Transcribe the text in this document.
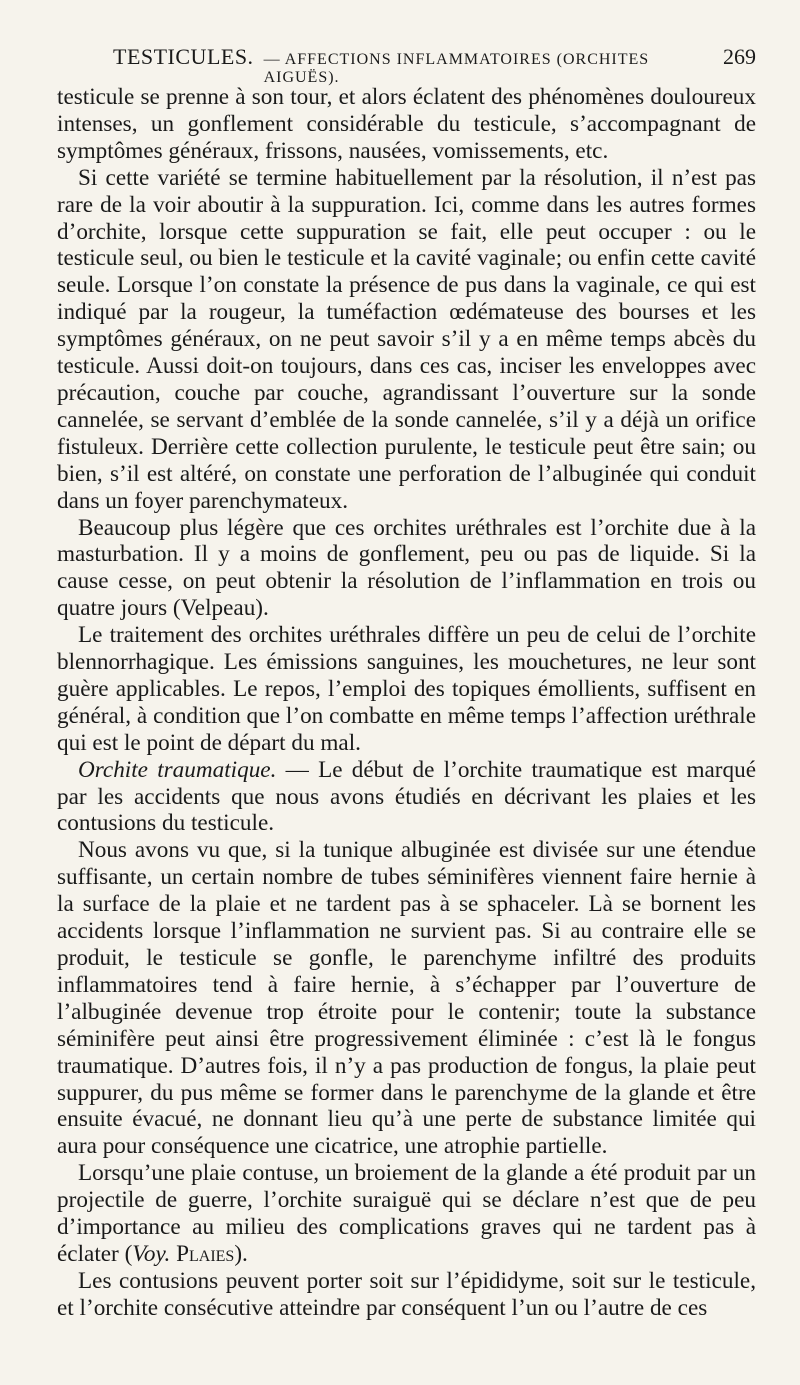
TESTICULES. — AFFECTIONS INFLAMMATOIRES (ORCHITES AIGUËS).
269

testicule se prenne à son tour, et alors éclatent des phénomènes douloureux intenses, un gonflement considérable du testicule, s’accompagnant de symptômes généraux, frissons, nausées, vomissements, etc.

Si cette variété se termine habituellement par la résolution, il n’est pas rare de la voir aboutir à la suppuration. Ici, comme dans les autres formes d’orchite, lorsque cette suppuration se fait, elle peut occuper : ou le testicule seul, ou bien le testicule et la cavité vaginale; ou enfin cette cavité seule. Lorsque l’on constate la présence de pus dans la vaginale, ce qui est indiqué par la rougeur, la tuméfaction œdémateuse des bourses et les symptômes généraux, on ne peut savoir s’il y a en même temps abcès du testicule. Aussi doit-on toujours, dans ces cas, inciser les enveloppes avec précaution, couche par couche, agrandissant l’ouverture sur la sonde cannelée, se servant d’emblée de la sonde cannelée, s’il y a déjà un orifice fistuleux. Derrière cette collection purulente, le testicule peut être sain; ou bien, s’il est altéré, on constate une perforation de l’albuginée qui conduit dans un foyer parenchymateux.

Beaucoup plus légère que ces orchites uréthrales est l’orchite due à la masturbation. Il y a moins de gonflement, peu ou pas de liquide. Si la cause cesse, on peut obtenir la résolution de l’inflammation en trois ou quatre jours (Velpeau).

Le traitement des orchites uréthrales diffère un peu de celui de l’orchite blennorrhagique. Les émissions sanguines, les mouchetures, ne leur sont guère applicables. Le repos, l’emploi des topiques émollients, suffisent en général, à condition que l’on combatte en même temps l’affection uréthrale qui est le point de départ du mal.

Orchite traumatique. — Le début de l’orchite traumatique est marqué par les accidents que nous avons étudiés en décrivant les plaies et les contusions du testicule.

Nous avons vu que, si la tunique albuginée est divisée sur une étendue suffisante, un certain nombre de tubes séminifères viennent faire hernie à la surface de la plaie et ne tardent pas à se sphaceler. Là se bornent les accidents lorsque l’inflammation ne survient pas. Si au contraire elle se produit, le testicule se gonfle, le parenchyme infiltré des produits inflammatoires tend à faire hernie, à s’échapper par l’ouverture de l’albuginée devenue trop étroite pour le contenir; toute la substance séminifère peut ainsi être progressivement éliminée : c’est là le fongus traumatique. D’autres fois, il n’y a pas production de fongus, la plaie peut suppurer, du pus même se former dans le parenchyme de la glande et être ensuite évacué, ne donnant lieu qu’à une perte de substance limitée qui aura pour conséquence une cicatrice, une atrophie partielle.

Lorsqu’une plaie contuse, un broiement de la glande a été produit par un projectile de guerre, l’orchite suraiguë qui se déclare n’est que de peu d’importance au milieu des complications graves qui ne tardent pas à éclater (Voy. Plaies).

Les contusions peuvent porter soit sur l’épididyme, soit sur le testicule, et l’orchite consécutive atteindre par conséquent l’un ou l’autre de ces
